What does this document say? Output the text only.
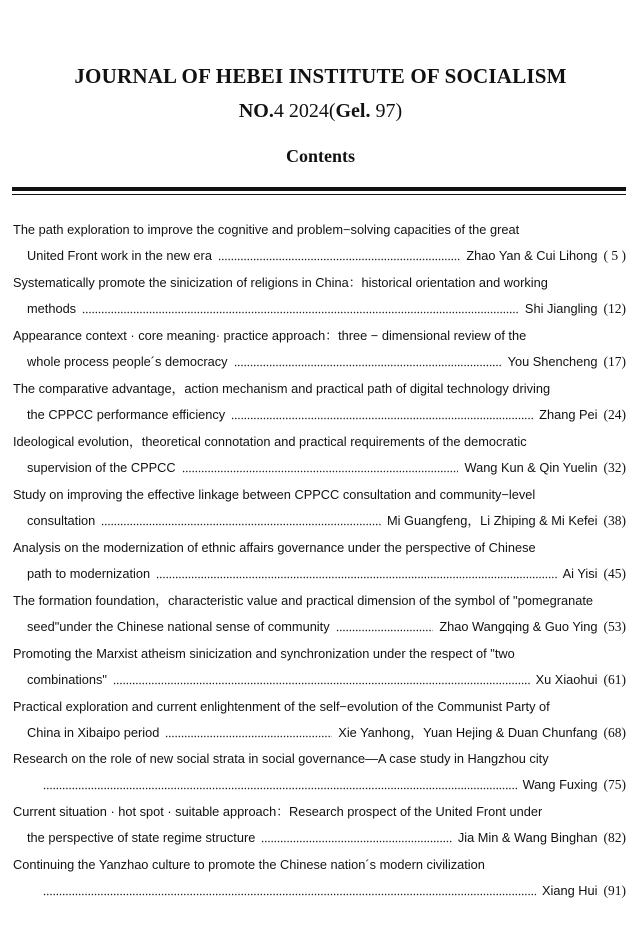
JOURNAL OF HEBEI INSTITUTE OF SOCIALISM
NO.4 2024(Gel. 97)
Contents
The path exploration to improve the cognitive and problem−solving capacities of the great
United Front work in the new era	Zhao Yan & Cui Lihong ( 5 )
Systematically promote the sinicization of religions in China：historical orientation and working
methods	Shi Jiangling (12)
Appearance context · core meaning· practice approach：three − dimensional review of the
whole process people´s democracy	You Shencheng (17)
The comparative advantage，action mechanism and practical path of digital technology driving
the CPPCC performance efficiency	Zhang Pei (24)
Ideological evolution，theoretical connotation and practical requirements of the democratic
supervision of the CPPCC	Wang Kun & Qin Yuelin (32)
Study on improving the effective linkage between CPPCC consultation and community−level
consultation	Mi Guangfeng，Li Zhiping & Mi Kefei (38)
Analysis on the modernization of ethnic affairs governance under the perspective of Chinese
path to modernization	Ai Yisi (45)
The formation foundation，characteristic value and practical dimension of the symbol of "pomegranate
seed"under the Chinese national sense of community	Zhao Wangqing & Guo Ying (53)
Promoting the Marxist atheism sinicization and synchronization under the respect of "two
combinations"	Xu Xiaohui (61)
Practical exploration and current enlightenment of the self−evolution of the Communist Party of
China in Xibaipo period	Xie Yanhong，Yuan Hejing & Duan Chunfang (68)
Research on the role of new social strata in social governance—A case study in Hangzhou city
Wang Fuxing (75)
Current situation · hot spot · suitable approach：Research prospect of the United Front under
the perspective of state regime structure	Jia Min & Wang Binghan (82)
Continuing the Yanzhao culture to promote the Chinese nation´s modern civilization
Xiang Hui (91)
